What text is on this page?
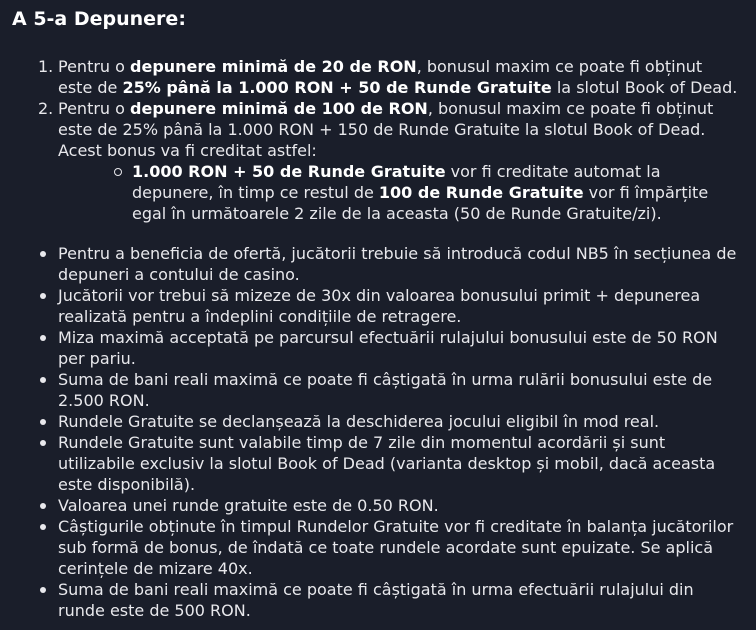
A 5-a Depunere:
1. Pentru o depunere minimă de 20 de RON, bonusul maxim ce poate fi obținut este de 25% până la 1.000 RON + 50 de Runde Gratuite la slotul Book of Dead.
2. Pentru o depunere minimă de 100 de RON, bonusul maxim ce poate fi obținut este de 25% până la 1.000 RON + 150 de Runde Gratuite la slotul Book of Dead. Acest bonus va fi creditat astfel:
1.000 RON + 50 de Runde Gratuite vor fi creditate automat la depunere, în timp ce restul de 100 de Runde Gratuite vor fi împărțite egal în următoarele 2 zile de la aceasta (50 de Runde Gratuite/zi).
Pentru a beneficia de ofertă, jucătorii trebuie să introducă codul NB5 în secțiunea de depuneri a contului de casino.
Jucătorii vor trebui să mizeze de 30x din valoarea bonusului primit + depunerea realizată pentru a îndeplini condițiile de retragere.
Miza maximă acceptată pe parcursul efectuării rulajului bonusului este de 50 RON per pariu.
Suma de bani reali maximă ce poate fi câștigată în urma rulării bonusului este de 2.500 RON.
Rundele Gratuite se declanșează la deschiderea jocului eligibil în mod real.
Rundele Gratuite sunt valabile timp de 7 zile din momentul acordării și sunt utilizabile exclusiv la slotul Book of Dead (varianta desktop și mobil, dacă aceasta este disponibilă).
Valoarea unei runde gratuite este de 0.50 RON.
Câștigurile obținute în timpul Rundelor Gratuite vor fi creditate în balanța jucătorilor sub formă de bonus, de îndată ce toate rundele acordate sunt epuizate. Se aplică cerințele de mizare 40x.
Suma de bani reali maximă ce poate fi câștigată în urma efectuării rulajului din runde este de 500 RON.
